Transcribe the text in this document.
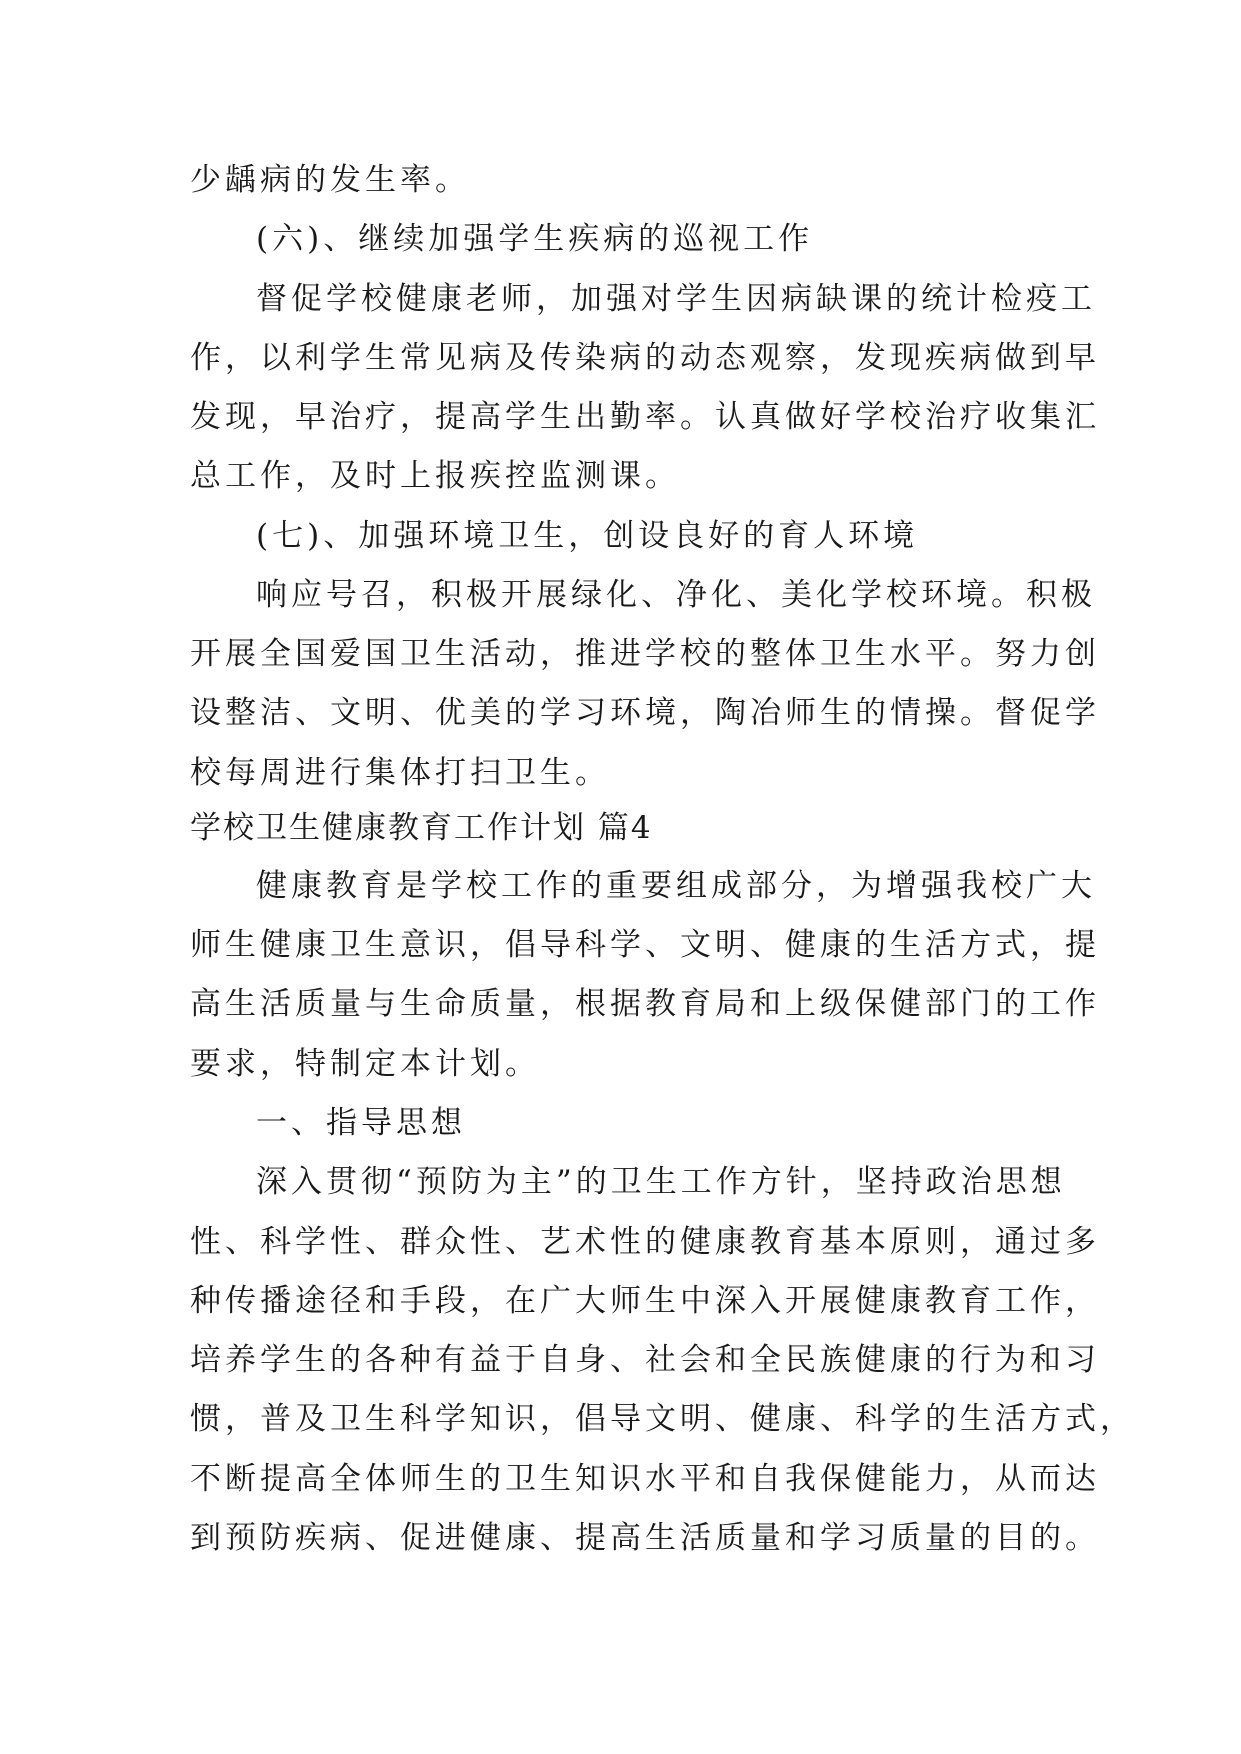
少龋病的发生率。
(六)、继续加强学生疾病的巡视工作
督促学校健康老师，加强对学生因病缺课的统计检疫工
作，以利学生常见病及传染病的动态观察，发现疾病做到早
发现，早治疗，提高学生出勤率。认真做好学校治疗收集汇
总工作，及时上报疾控监测课。
(七)、加强环境卫生，创设良好的育人环境
响应号召，积极开展绿化、净化、美化学校环境。积极
开展全国爱国卫生活动，推进学校的整体卫生水平。努力创
设整洁、文明、优美的学习环境，陶冶师生的情操。督促学
校每周进行集体打扫卫生。
学校卫生健康教育工作计划 篇4
健康教育是学校工作的重要组成部分，为增强我校广大
师生健康卫生意识，倡导科学、文明、健康的生活方式，提
高生活质量与生命质量，根据教育局和上级保健部门的工作
要求，特制定本计划。
一、指导思想
深入贯彻“预防为主”的卫生工作方针，坚持政治思想
性、科学性、群众性、艺术性的健康教育基本原则，通过多
种传播途径和手段，在广大师生中深入开展健康教育工作，
培养学生的各种有益于自身、社会和全民族健康的行为和习
惯，普及卫生科学知识，倡导文明、健康、科学的生活方式，
不断提高全体师生的卫生知识水平和自我保健能力，从而达
到预防疾病、促进健康、提高生活质量和学习质量的目的。
